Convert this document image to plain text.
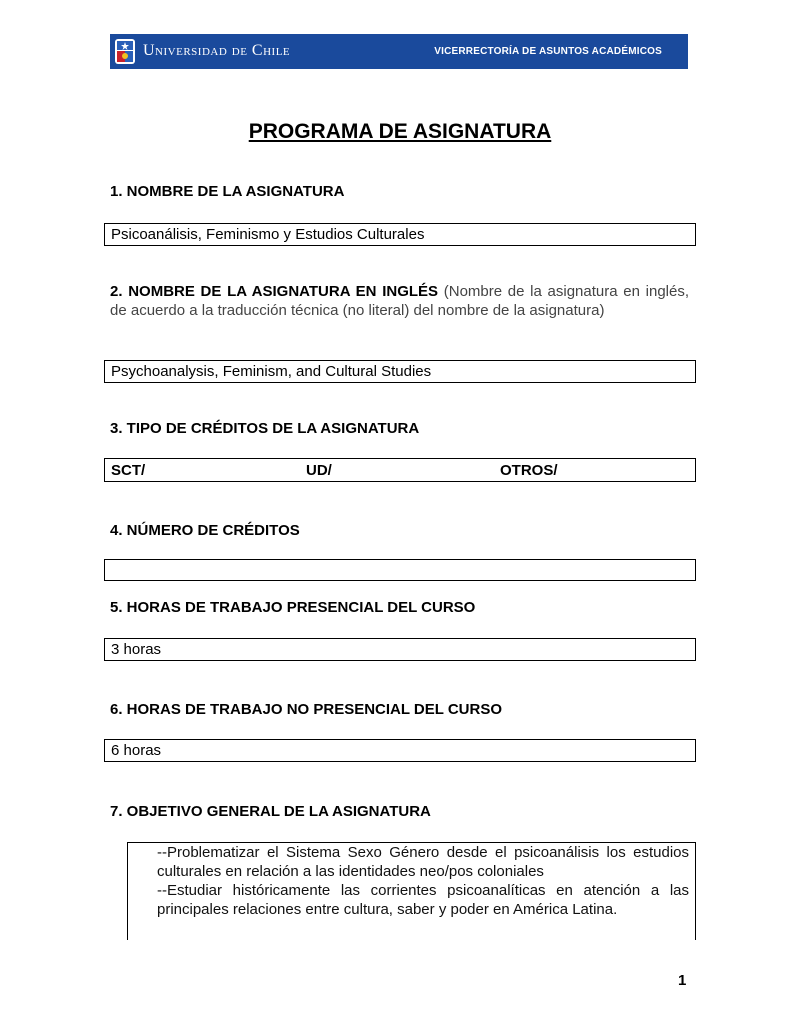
Universidad de Chile	VICERRECTORÍA DE ASUNTOS ACADÉMICOS
PROGRAMA DE ASIGNATURA
1. NOMBRE DE LA ASIGNATURA
Psicoanálisis, Feminismo y Estudios Culturales
2. NOMBRE DE LA ASIGNATURA EN INGLÉS (Nombre de la asignatura en inglés, de acuerdo a la traducción técnica (no literal) del nombre de la asignatura)
Psychoanalysis, Feminism, and Cultural Studies
3. TIPO DE CRÉDITOS DE LA ASIGNATURA
SCT/	UD/	OTROS/
4. NÚMERO DE CRÉDITOS
5. HORAS DE TRABAJO PRESENCIAL DEL CURSO
3 horas
6. HORAS DE TRABAJO NO PRESENCIAL DEL CURSO
6 horas
7. OBJETIVO GENERAL DE LA ASIGNATURA

--Problematizar el Sistema Sexo Género desde el psicoanálisis los estudios culturales en relación a las identidades neo/pos coloniales

--Estudiar históricamente las corrientes psicoanalíticas en atención a las principales relaciones entre cultura, saber y poder en América Latina.

1
